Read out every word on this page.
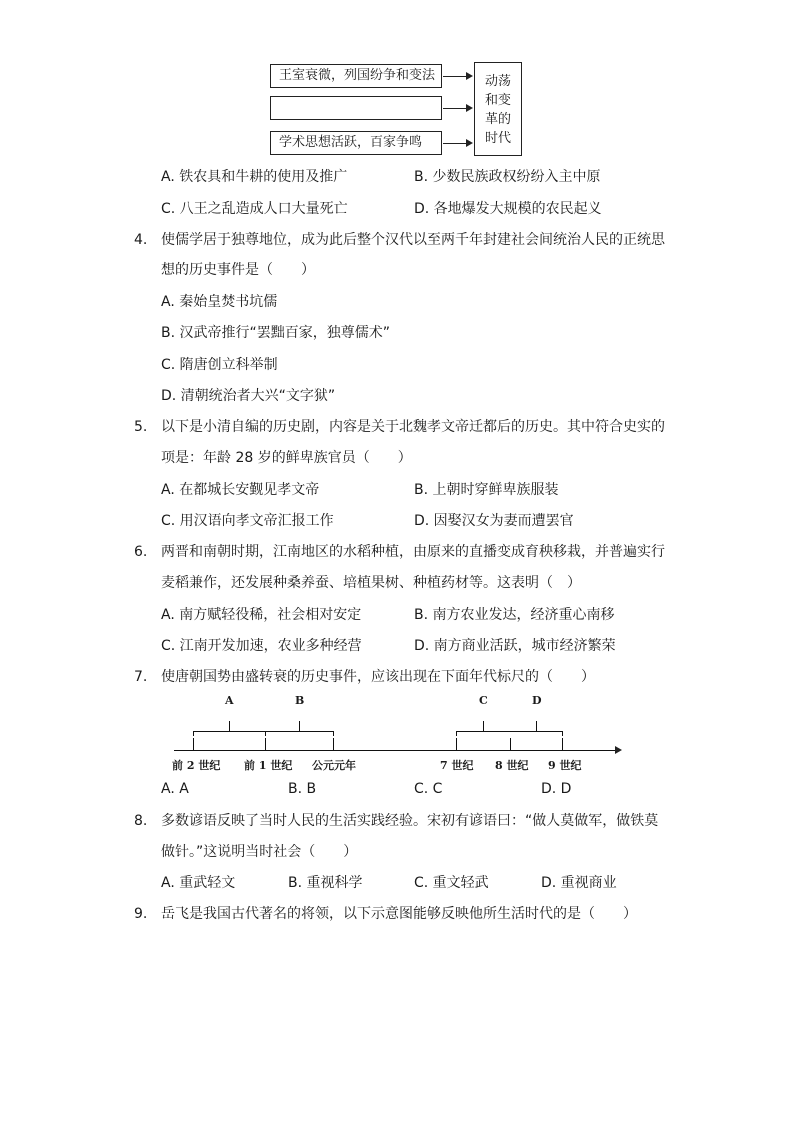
王室衰微，列国纷争和变法
学术思想活跃，百家争鸣
动荡
和变
革的
时代
A. 铁农具和牛耕的使用及推广	B. 少数民族政权纷纷入主中原
C. 八王之乱造成人口大量死亡	D. 各地爆发大规模的农民起义
4. 使儒学居于独尊地位，成为此后整个汉代以至两千年封建社会间统治人民的正统思
想的历史事件是（　　）
A. 秦始皇焚书坑儒
B. 汉武帝推行“罢黜百家，独尊儒术”
C. 隋唐创立科举制
D. 清朝统治者大兴“文字狱”
5. 以下是小清自编的历史剧，内容是关于北魏孝文帝迁都后的历史。其中符合史实的
项是：年龄 28 岁的鲜卑族官员（　　）
A. 在都城长安觐见孝文帝	B. 上朝时穿鲜卑族服装
C. 用汉语向孝文帝汇报工作	D. 因娶汉女为妻而遭罢官
6. 两晋和南朝时期，江南地区的水稻种植，由原来的直播变成育秧移栽，并普遍实行
麦稻兼作，还发展种桑养蚕、培植果树、种植药材等。这表明（　）
A. 南方赋轻役稀，社会相对安定	B. 南方农业发达，经济重心南移
C. 江南开发加速，农业多种经营	D. 南方商业活跃，城市经济繁荣
7. 使唐朝国势由盛转衰的历史事件，应该出现在下面年代标尺的（　　）
A	B	C	D
前 2 世纪 前 1 世纪 公元元年	7 世纪 8 世纪 9 世纪
A. A	B. B	C. C	D. D
8. 多数谚语反映了当时人民的生活实践经验。宋初有谚语曰：“做人莫做军，做铁莫
做针。”这说明当时社会（　　）
A. 重武轻文	B. 重视科学	C. 重文轻武	D. 重视商业
9. 岳飞是我国古代著名的将领，以下示意图能够反映他所生活时代的是（　　）
